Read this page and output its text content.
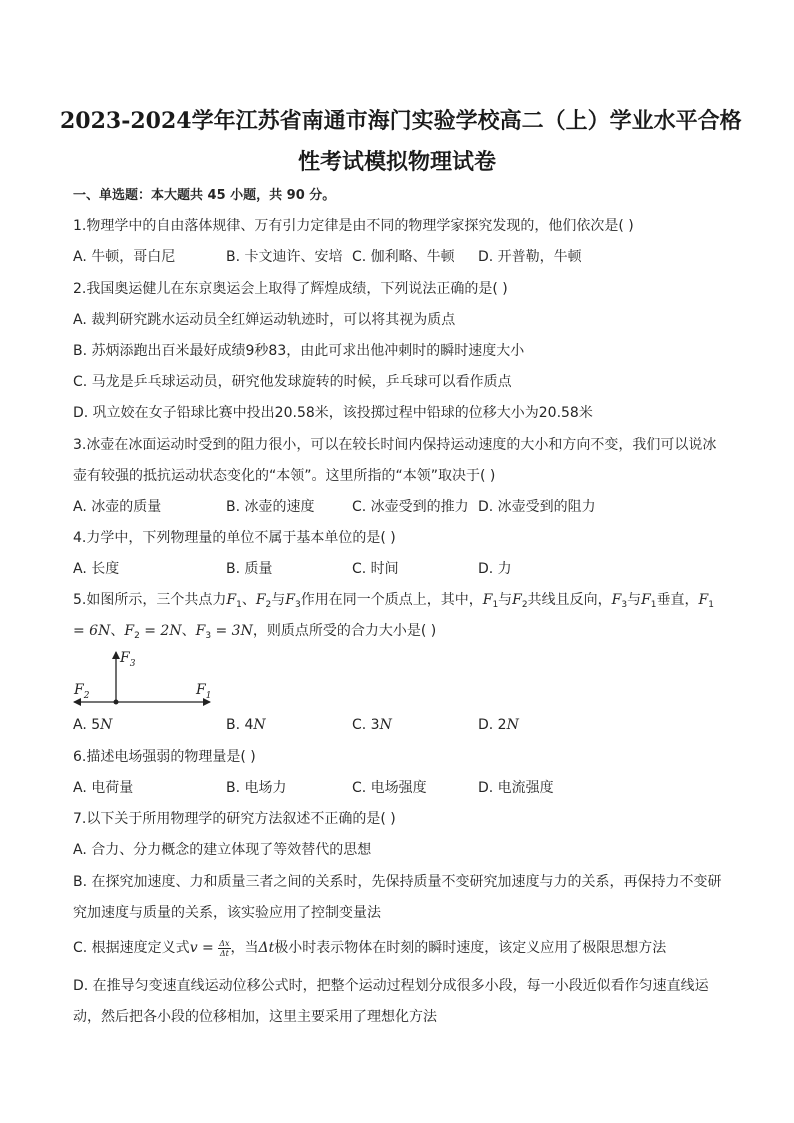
2023-2024学年江苏省南通市海门实验学校高二（上）学业水平合格
性考试模拟物理试卷
一、单选题：本大题共 45 小题，共 90 分。
1.物理学中的自由落体规律、万有引力定律是由不同的物理学家探究发现的，他们依次是( )
A. 牛顿，哥白尼	B. 卡文迪许、安培 C. 伽利略、牛顿 D. 开普勒，牛顿
2.我国奥运健儿在东京奥运会上取得了辉煌成绩，下列说法正确的是( )
A. 裁判研究跳水运动员全红婵运动轨迹时，可以将其视为质点
B. 苏炳添跑出百米最好成绩9秒83，由此可求出他冲刺时的瞬时速度大小
C. 马龙是乒乓球运动员，研究他发球旋转的时候，乒乓球可以看作质点
D. 巩立姣在女子铅球比赛中投出20.58米，该投掷过程中铅球的位移大小为20.58米
3.冰壶在冰面运动时受到的阻力很小，可以在较长时间内保持运动速度的大小和方向不变，我们可以说冰
壶有较强的抵抗运动状态变化的“本领”。这里所指的“本领”取决于( )
A. 冰壶的质量	B. 冰壶的速度	C. 冰壶受到的推力 D. 冰壶受到的阻力
4.力学中，下列物理量的单位不属于基本单位的是( )
A. 长度	B. 质量	C. 时间	D. 力
5.如图所示，三个共点力$F_1$、$F_2$与$F_3$作用在同一个质点上，其中，$F_1$与$F_2$共线且反向，$F_3$与$F_1$垂直，$F_1$
= 6N、$F_2 = 2N$、$F_3 = 3N$，则质点所受的合力大小是( )
$F_3$
$F_2$	$F_1$
A. 5N	B. 4N	C. 3N	D. 2N
6.描述电场强弱的物理量是( )
A. 电荷量	B. 电场力	C. 电场强度	D. 电流强度
7.以下关于所用物理学的研究方法叙述不正确的是( )
A. 合力、分力概念的建立体现了等效替代的思想
B. 在探究加速度、力和质量三者之间的关系时，先保持质量不变研究加速度与力的关系，再保持力不变研
究加速度与质量的关系，该实验应用了控制变量法
C. 根据速度定义式$v = \frac{\Delta x}{\Delta t}$ ，当Δt极小时表示物体在时刻的瞬时速度，该定义应用了极限思想方法
D. 在推导匀变速直线运动位移公式时，把整个运动过程划分成很多小段，每一小段近似看作匀速直线运
动，然后把各小段的位移相加，这里主要采用了理想化方法
